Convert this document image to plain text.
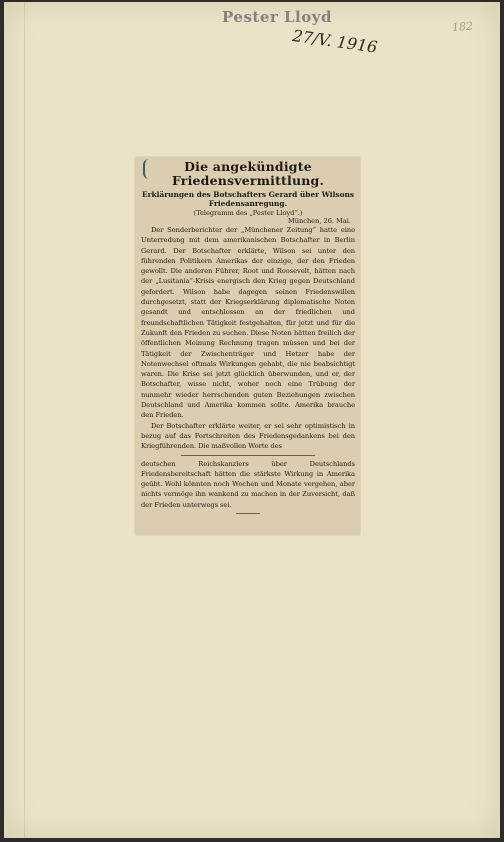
Pester Lloyd
27/V. 1916	182
Die angekündigte Friedensvermittlung.
Erklärungen des Botschafters Gerard über Wilsons Friedensanregung.
(Telegramm des „Pester Lloyd“.)
München, 26. Mai.

Der Sonderberichter der „Münchener Zeitung“ hatte eine Unterredung mit dem amerikanischen Botschafter in Berlin Gerard. Der Botschafter erklärte, Wilson sei unter den führenden Politikern Amerikas der einzige, der den Frieden gewollt. Die anderen Führer, Root und Roosevelt, hätten nach der „Lusitania“-Krisis energisch den Krieg gegen Deutschland gefordert. Wilson habe dagegen seinen Friedenswillen durchgesetzt, statt der Kriegserklärung diplomatische Noten gesandt und entschlossen an der friedlichen und freundschaftlichen Tätigkeit festgehalten, für jetzt und für die Zukunft den Frieden zu suchen. Diese Noten hätten freilich der öffentlichen Meinung Rechnung tragen müssen und bei der Tätigkeit der Zwischenträger und Hetzer habe der Notenwechsel oftmals Wirkungen gehabt, die nie beabsichtigt waren. Die Krise sei jetzt glücklich überwunden, und er, der Botschafter, wisse nicht, woher noch eine Trübung der nunmehr wieder herrschenden guten Beziehungen zwischen Deutschland und Amerika kommen sollte. Amerika brauche den Frieden.

Der Botschafter erklärte weiter, er sei sehr optimistisch in bezug auf das Fortschreiten des Friedensgedankens bei den Kriegführenden. Die maßvollen Worte des

deutschen Reichskanzlers über Deutschlands Friedensbereitschaft hätten die stärkste Wirkung in Amerika geübt. Wohl könnten noch Wochen und Monate vergehen, aber nichts vermöge ihn wankend zu machen in der Zuversicht, daß der Frieden unterwegs sei.
